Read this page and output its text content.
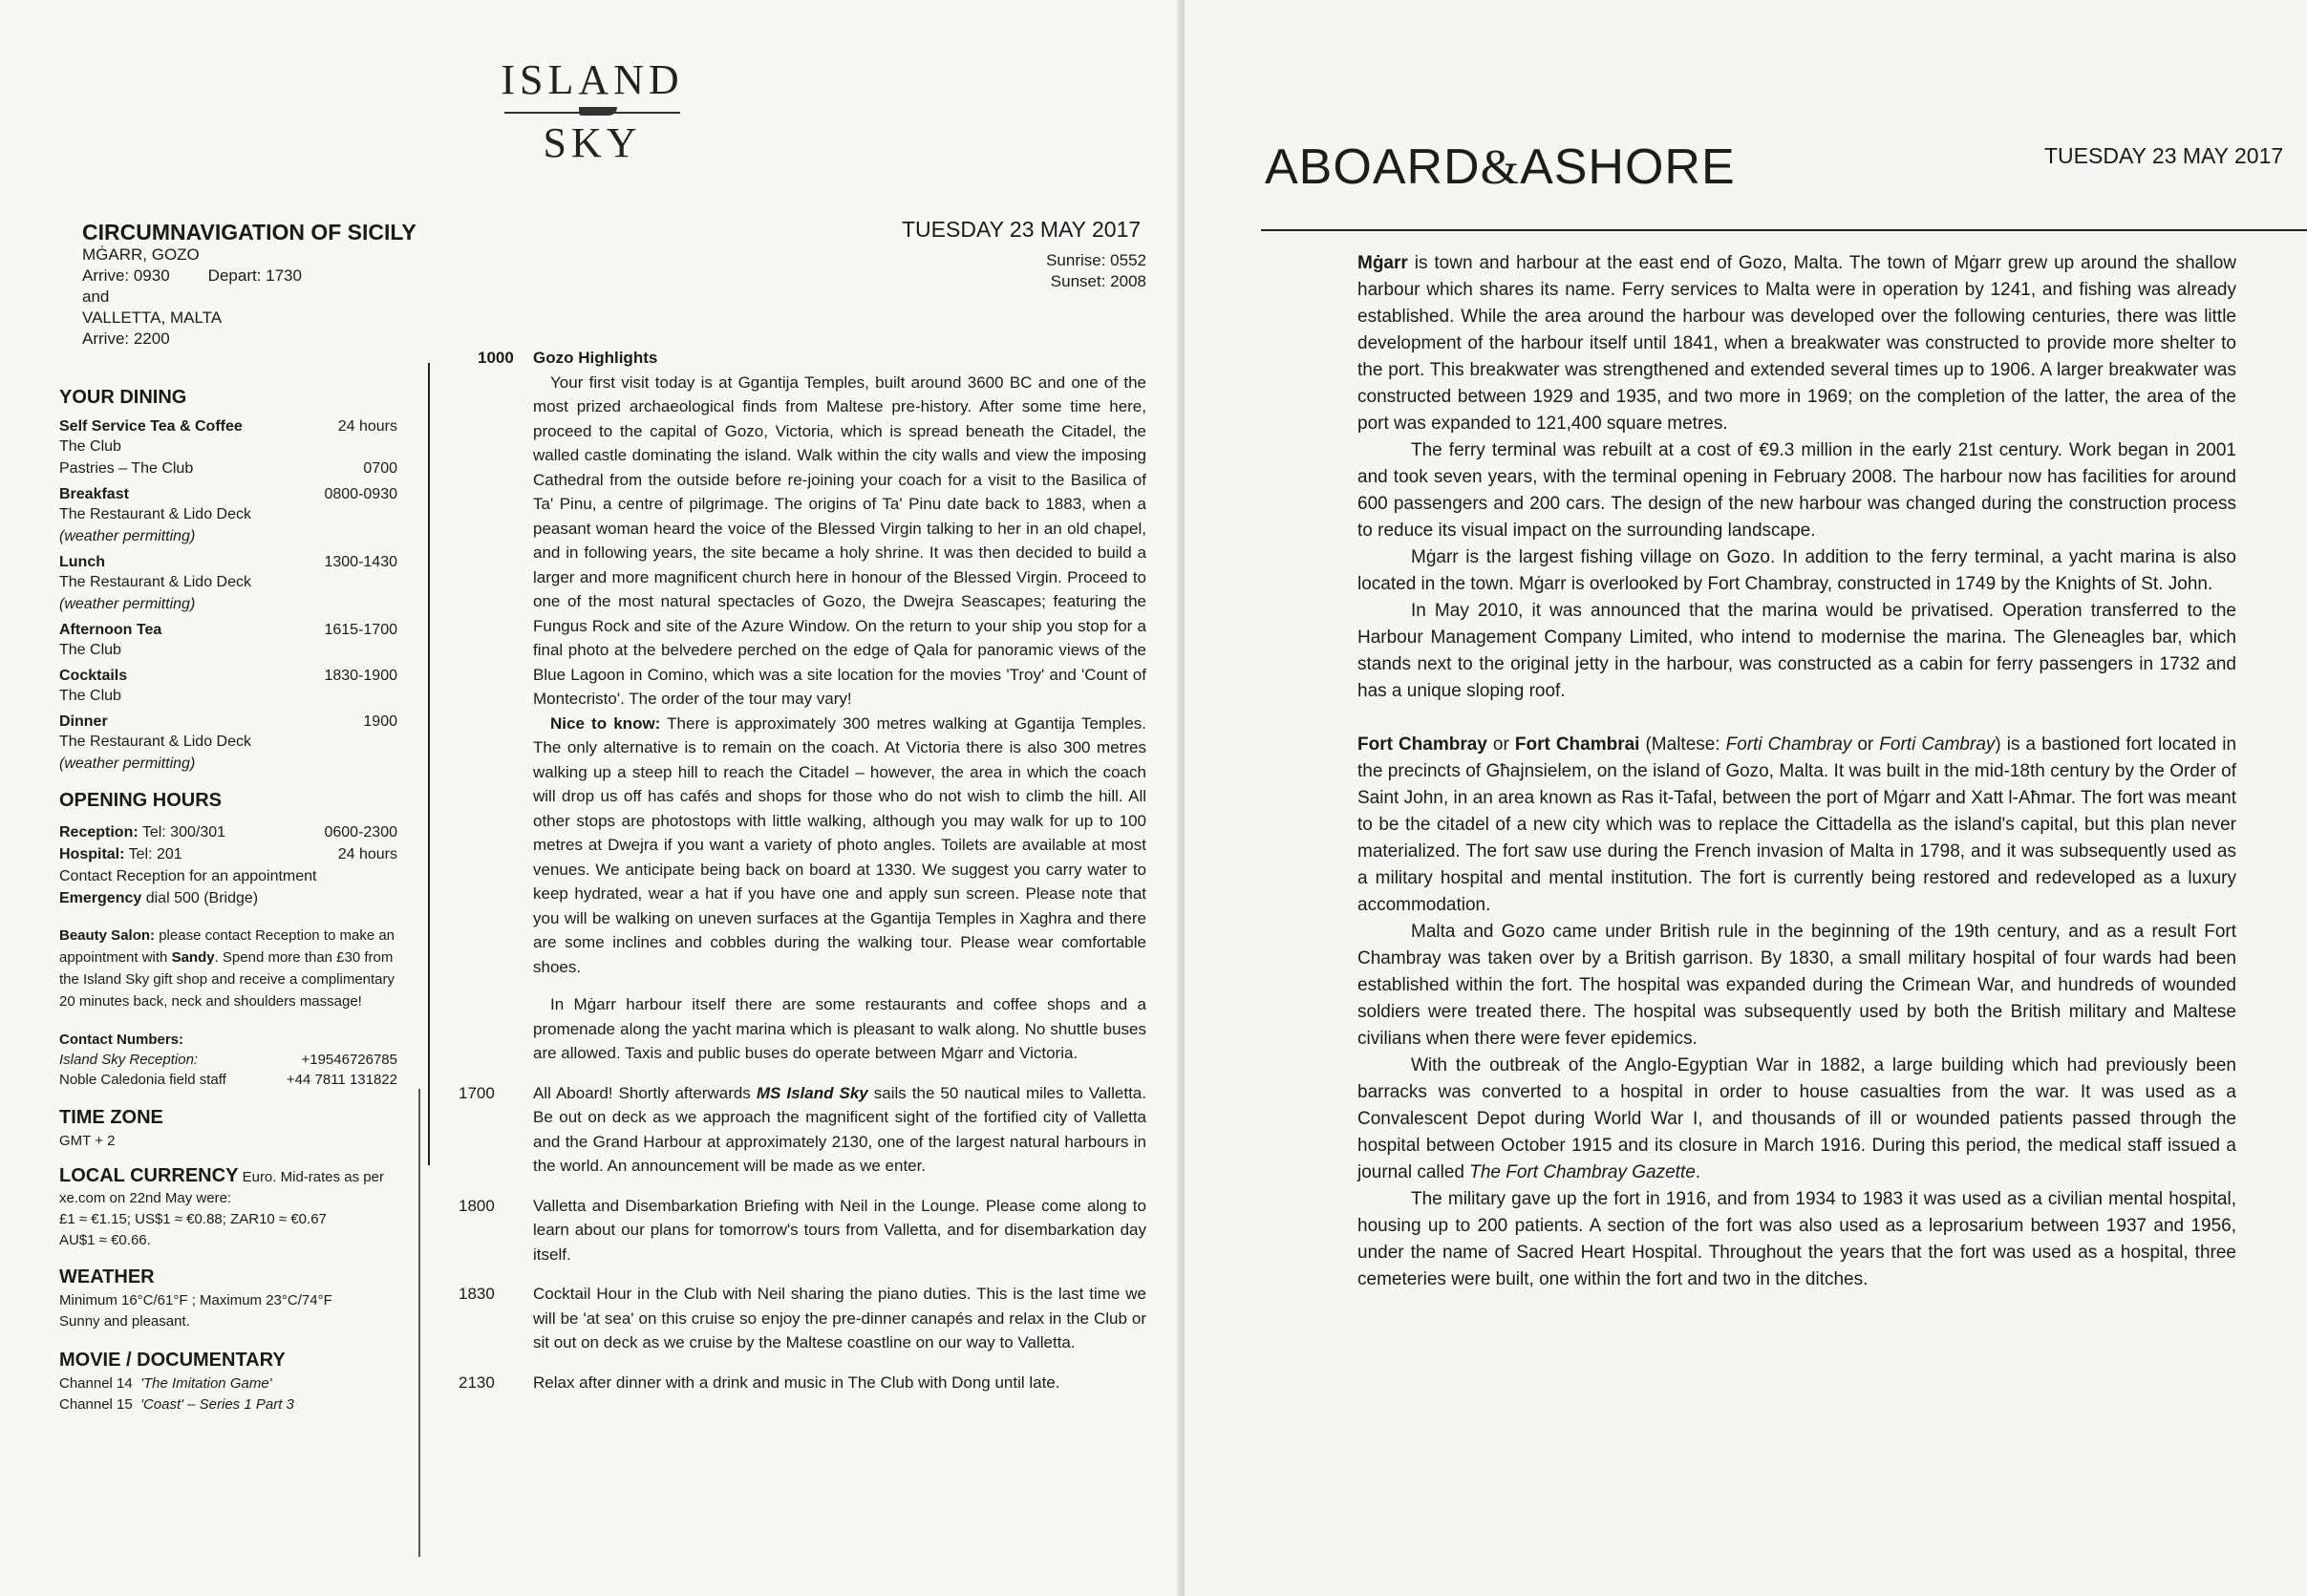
ISLAND
SKY
CIRCUMNAVIGATION OF SICILY
MĠARR, GOZO
Arrive: 0930 Depart: 1730
and
VALLETTA, MALTA
Arrive: 2200
TUESDAY 23 MAY 2017
Sunrise: 0552
Sunset: 2008
YOUR DINING
Self Service Tea & Coffee	24 hours
The Club
Pastries – The Club	0700
Breakfast	0800-0930
The Restaurant & Lido Deck
(weather permitting)
Lunch	1300-1430
The Restaurant & Lido Deck
(weather permitting)
Afternoon Tea	1615-1700
The Club
Cocktails	1830-1900
The Club
Dinner	1900
The Restaurant & Lido Deck
(weather permitting)
OPENING HOURS
Reception: Tel: 300/301	0600-2300
Hospital: Tel: 201	24 hours
Contact Reception for an appointment
Emergency dial 500 (Bridge)
Beauty Salon: please contact Reception to make an appointment with Sandy. Spend more than £30 from the Island Sky gift shop and receive a complimentary 20 minutes back, neck and shoulders massage!
Contact Numbers:
Island Sky Reception:	+19546726785
Noble Caledonia field staff	+44 7811 131822
TIME ZONE
GMT + 2
LOCAL CURRENCY Euro. Mid-rates as per xe.com on 22nd May were:
£1 ≈ €1.15; US$1 ≈ €0.88; ZAR10 ≈ €0.67
AU$1 ≈ €0.66.
WEATHER
Minimum 16°C/61°F ; Maximum 23°C/74°F
Sunny and pleasant.
MOVIE / DOCUMENTARY
Channel 14 'The Imitation Game'
Channel 15 'Coast' – Series 1 Part 3
1000	Gozo Highlights

Your first visit today is at Ggantija Temples, built around 3600 BC and one of the most prized archaeological finds from Maltese pre-history. After some time here, proceed to the capital of Gozo, Victoria, which is spread beneath the Citadel, the walled castle dominating the island. Walk within the city walls and view the imposing Cathedral from the outside before re-joining your coach for a visit to the Basilica of Ta' Pinu, a centre of pilgrimage. The origins of Ta' Pinu date back to 1883, when a peasant woman heard the voice of the Blessed Virgin talking to her in an old chapel, and in following years, the site became a holy shrine. It was then decided to build a larger and more magnificent church here in honour of the Blessed Virgin. Proceed to one of the most natural spectacles of Gozo, the Dwejra Seascapes; featuring the Fungus Rock and site of the Azure Window. On the return to your ship you stop for a final photo at the belvedere perched on the edge of Qala for panoramic views of the Blue Lagoon in Comino, which was a site location for the movies 'Troy' and 'Count of Montecristo'. The order of the tour may vary!

Nice to know: There is approximately 300 metres walking at Ggantija Temples. The only alternative is to remain on the coach. At Victoria there is also 300 metres walking up a steep hill to reach the Citadel – however, the area in which the coach will drop us off has cafés and shops for those who do not wish to climb the hill. All other stops are photostops with little walking, although you may walk for up to 100 metres at Dwejra if you want a variety of photo angles. Toilets are available at most venues. We anticipate being back on board at 1330. We suggest you carry water to keep hydrated, wear a hat if you have one and apply sun screen. Please note that you will be walking on uneven surfaces at the Ggantija Temples in Xaghra and there are some inclines and cobbles during the walking tour. Please wear comfortable shoes.

In Mġarr harbour itself there are some restaurants and coffee shops and a promenade along the yacht marina which is pleasant to walk along. No shuttle buses are allowed. Taxis and public buses do operate between Mġarr and Victoria.

1700	All Aboard! Shortly afterwards MS Island Sky sails the 50 nautical miles to Valletta. Be out on deck as we approach the magnificent sight of the fortified city of Valletta and the Grand Harbour at approximately 2130, one of the largest natural harbours in the world. An announcement will be made as we enter.
1800	Valletta and Disembarkation Briefing with Neil in the Lounge. Please come along to learn about our plans for tomorrow's tours from Valletta, and for disembarkation day itself.
1830	Cocktail Hour in the Club with Neil sharing the piano duties. This is the last time we will be 'at sea' on this cruise so enjoy the pre-dinner canapés and relax in the Club or sit out on deck as we cruise by the Maltese coastline on our way to Valletta.
2130	Relax after dinner with a drink and music in The Club with Dong until late.
ABOARD&ASHORE	TUESDAY 23 MAY 2017

Mġarr is town and harbour at the east end of Gozo, Malta. The town of Mġarr grew up around the shallow harbour which shares its name. Ferry services to Malta were in operation by 1241, and fishing was already established. While the area around the harbour was developed over the following centuries, there was little development of the harbour itself until 1841, when a breakwater was constructed to provide more shelter to the port. This breakwater was strengthened and extended several times up to 1906. A larger breakwater was constructed between 1929 and 1935, and two more in 1969; on the completion of the latter, the area of the port was expanded to 121,400 square metres.

The ferry terminal was rebuilt at a cost of €9.3 million in the early 21st century. Work began in 2001 and took seven years, with the terminal opening in February 2008. The harbour now has facilities for around 600 passengers and 200 cars. The design of the new harbour was changed during the construction process to reduce its visual impact on the surrounding landscape.

Mġarr is the largest fishing village on Gozo. In addition to the ferry terminal, a yacht marina is also located in the town. Mġarr is overlooked by Fort Chambray, constructed in 1749 by the Knights of St. John.

In May 2010, it was announced that the marina would be privatised. Operation transferred to the Harbour Management Company Limited, who intend to modernise the marina. The Gleneagles bar, which stands next to the original jetty in the harbour, was constructed as a cabin for ferry passengers in 1732 and has a unique sloping roof.

Fort Chambray or Fort Chambrai (Maltese: Forti Chambray or Forti Cambray) is a bastioned fort located in the precincts of Għajnsielem, on the island of Gozo, Malta. It was built in the mid-18th century by the Order of Saint John, in an area known as Ras it-Tafal, between the port of Mġarr and Xatt l-Aħmar. The fort was meant to be the citadel of a new city which was to replace the Cittadella as the island's capital, but this plan never materialized. The fort saw use during the French invasion of Malta in 1798, and it was subsequently used as a military hospital and mental institution. The fort is currently being restored and redeveloped as a luxury accommodation.

Malta and Gozo came under British rule in the beginning of the 19th century, and as a result Fort Chambray was taken over by a British garrison. By 1830, a small military hospital of four wards had been established within the fort. The hospital was expanded during the Crimean War, and hundreds of wounded soldiers were treated there. The hospital was subsequently used by both the British military and Maltese civilians when there were fever epidemics.

With the outbreak of the Anglo-Egyptian War in 1882, a large building which had previously been barracks was converted to a hospital in order to house casualties from the war. It was used as a Convalescent Depot during World War I, and thousands of ill or wounded patients passed through the hospital between October 1915 and its closure in March 1916. During this period, the medical staff issued a journal called The Fort Chambray Gazette.

The military gave up the fort in 1916, and from 1934 to 1983 it was used as a civilian mental hospital, housing up to 200 patients. A section of the fort was also used as a leprosarium between 1937 and 1956, under the name of Sacred Heart Hospital. Throughout the years that the fort was used as a hospital, three cemeteries were built, one within the fort and two in the ditches.
